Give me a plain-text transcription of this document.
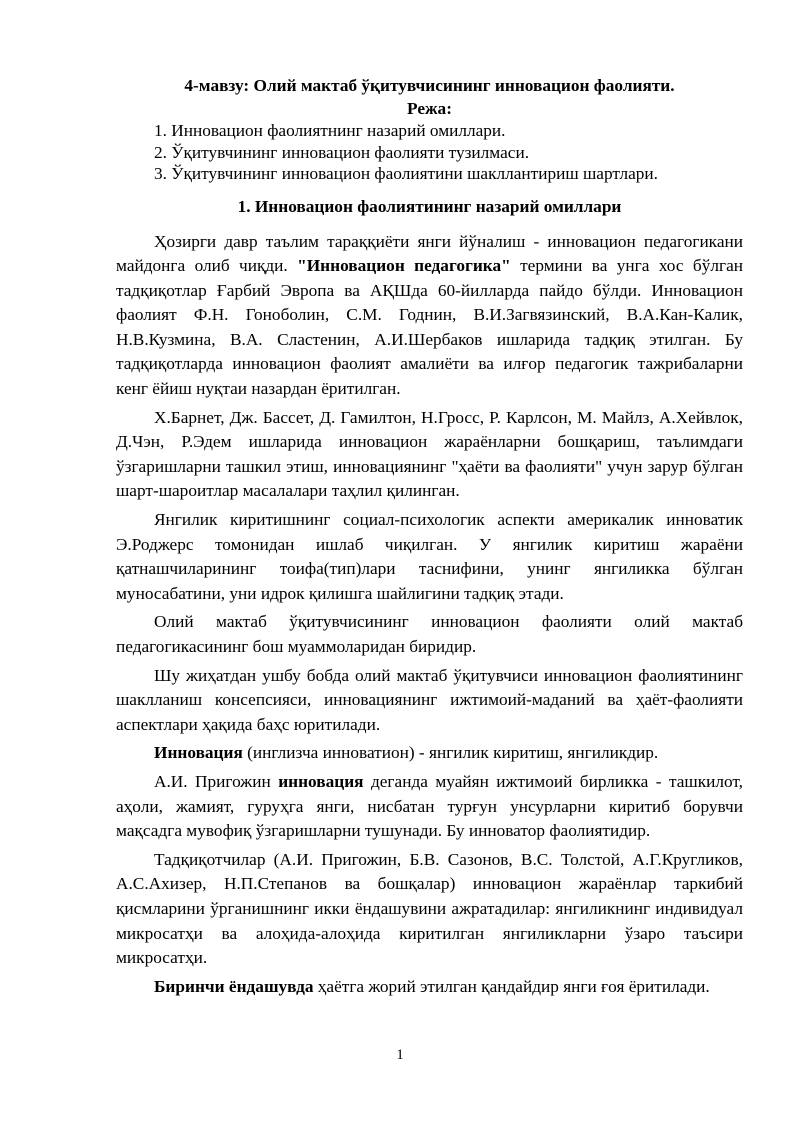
4-мавзу: Олий мактаб ўқитувчисининг инновацион фаолияти.
Режа:
1. Инновацион фаолиятнинг назарий омиллари.
2. Ўқитувчининг инновацион фаолияти тузилмаси.
3. Ўқитувчининг инновацион фаолиятини шакллантириш шартлари.
1. Инновацион фаолиятининг назарий омиллари

Ҳозирги давр таълим тараққиёти янги йўналиш - инновацион педагогикани майдонга олиб чиқди. "Инновацион педагогика" термини ва унга хос бўлган тадқиқотлар Ғарбий Эвропа ва АҚШда 60-йилларда пайдо бўлди. Инновацион фаолият Ф.Н. Гоноболин, С.М. Годнин, В.И.Загвязинский, В.А.Кан-Калик, Н.В.Кузмина, В.А. Сластенин, А.И.Шербаков ишларида тадқиқ этилган. Бу тадқиқотларда инновацион фаолият амалиёти ва илғор педагогик тажрибаларни кенг ёйиш нуқтаи назардан ёритилган.

Х.Барнет, Дж. Бассет, Д. Гамилтон, Н.Гросс, Р. Карлсон, М. Майлз, А.Хейвлок, Д.Чэн, Р.Эдем ишларида инновацион жараёнларни бошқариш, таълимдаги ўзгаришларни ташкил этиш, инновациянинг "ҳаёти ва фаолияти" учун зарур бўлган шарт-шароитлар масалалари таҳлил қилинган.

Янгилик киритишнинг социал-психологик аспекти америкалик инноватик Э.Роджерс томонидан ишлаб чиқилган. У янгилик киритиш жараёни қатнашчиларининг тоифа(тип)лари таснифини, унинг янгиликка бўлган муносабатини, уни идрок қилишга шайлигини тадқиқ этади.

Олий мактаб ўқитувчисининг инновацион фаолияти олий мактаб педагогикасининг бош муаммоларидан биридир.

Шу жиҳатдан ушбу бобда олий мактаб ўқитувчиси инновацион фаолиятининг шаклланиш консепсияси, инновациянинг ижтимоий-маданий ва ҳаёт-фаолияти аспектлари ҳақида баҳс юритилади.

Инновация (инглизча инноватион) - янгилик киритиш, янгиликдир.

А.И. Пригожин инновация деганда муайян ижтимоий бирликка - ташкилот, аҳоли, жамият, гуруҳга янги, нисбатан турғун унсурларни киритиб борувчи мақсадга мувофиқ ўзгаришларни тушунади. Бу инноватор фаолиятидир.

Тадқиқотчилар (А.И. Пригожин, Б.В. Сазонов, В.С. Толстой, А.Г.Кругликов, А.С.Ахизер, Н.П.Степанов ва бошқалар) инновацион жараёнлар таркибий қисмларини ўрганишнинг икки ёндашувини ажратадилар: янгиликнинг индивидуал микросатҳи ва алоҳида-алоҳида киритилган янгиликларни ўзаро таъсири микросатҳи.

Биринчи ёндашувда ҳаётга жорий этилган қандайдир янги ғоя ёритилади.

1
